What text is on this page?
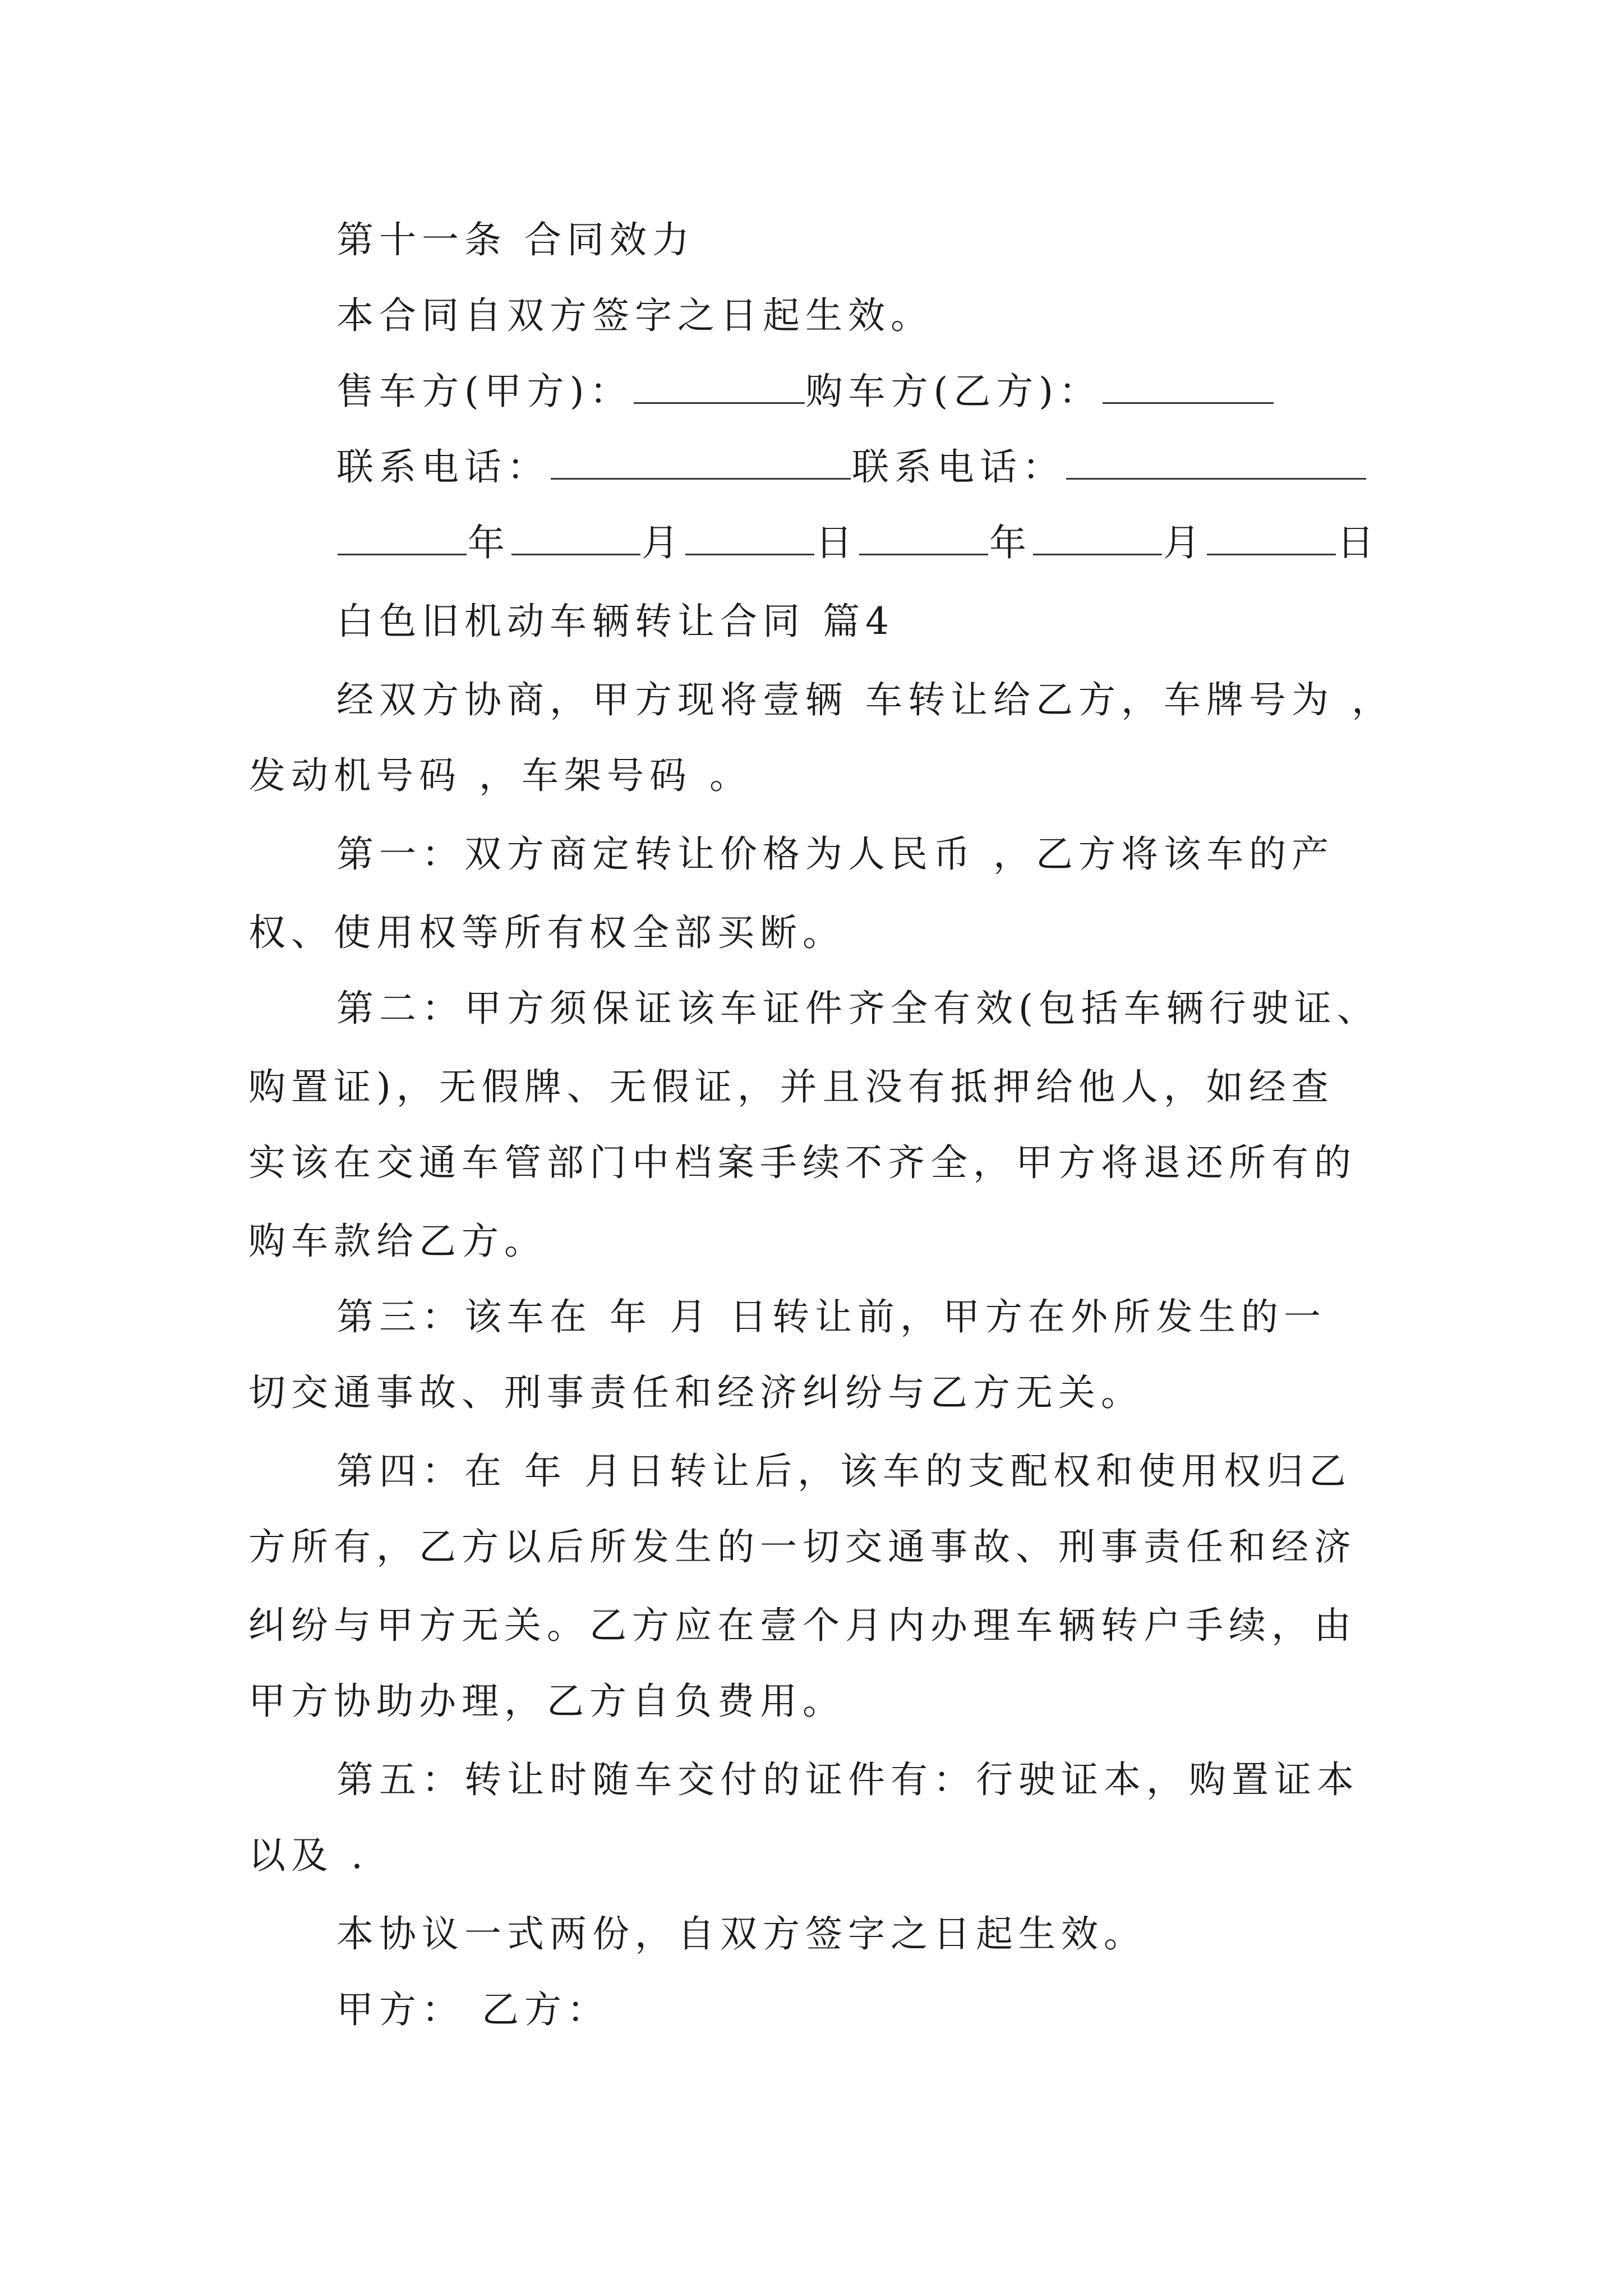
第十一条 合同效力
本合同自双方签字之日起生效。
售车方(甲方)：	购车方(乙方)：
联系电话：	联系电话：
年	月	日	年	月	日
白色旧机动车辆转让合同 篇4
经双方协商，甲方现将壹辆 车转让给乙方，车牌号为 ，
发动机号码 ，车架号码 。
第一：双方商定转让价格为人民币 ，乙方将该车的产
权、使用权等所有权全部买断。
第二：甲方须保证该车证件齐全有效(包括车辆行驶证、
购置证)，无假牌、无假证，并且没有抵押给他人，如经查
实该在交通车管部门中档案手续不齐全，甲方将退还所有的
购车款给乙方。
第三：该车在 年 月 日转让前，甲方在外所发生的一
切交通事故、刑事责任和经济纠纷与乙方无关。
第四：在 年 月日转让后，该车的支配权和使用权归乙
方所有，乙方以后所发生的一切交通事故、刑事责任和经济
纠纷与甲方无关。乙方应在壹个月内办理车辆转户手续，由
甲方协助办理，乙方自负费用。
第五：转让时随车交付的证件有：行驶证本，购置证本
以及 .
本协议一式两份，自双方签字之日起生效。
甲方： 乙方：
